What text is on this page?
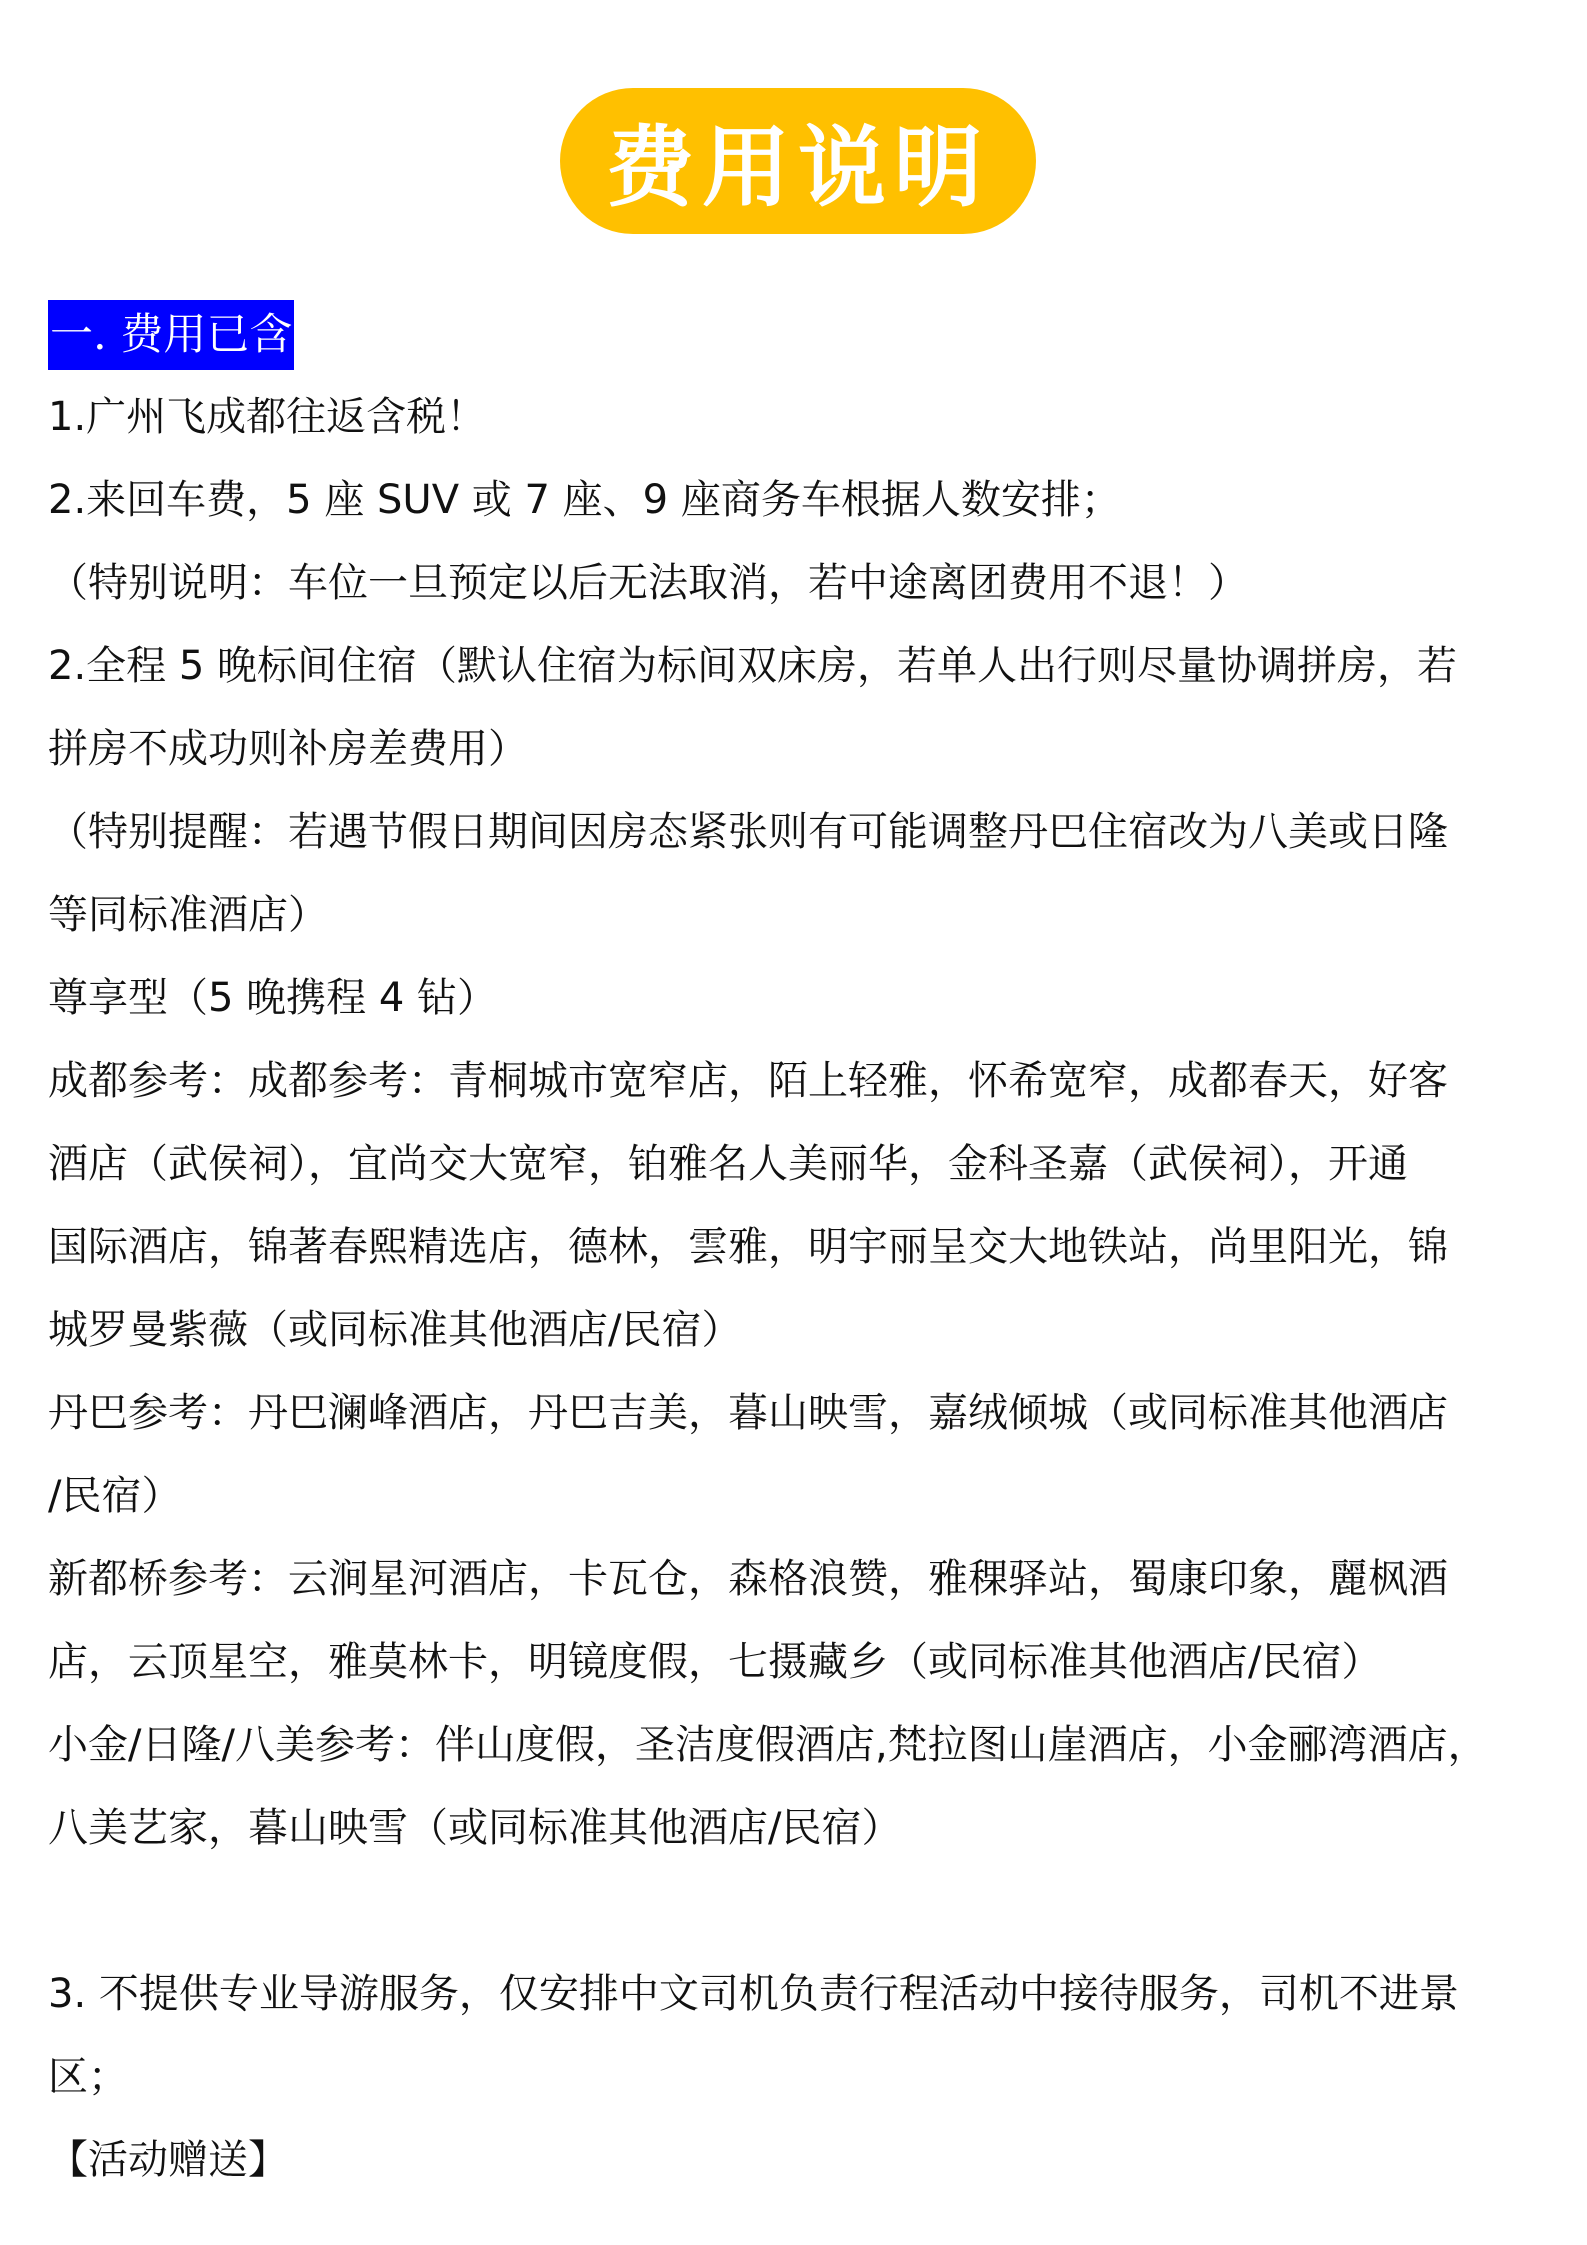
费用说明
一. 费用已含

1.广州飞成都往返含税！

2.来回车费，5 座 SUV 或 7 座、9 座商务车根据人数安排；

（特别说明：车位一旦预定以后无法取消，若中途离团费用不退！）

2.全程 5 晚标间住宿（默认住宿为标间双床房，若单人出行则尽量协调拼房，若

拼房不成功则补房差费用）

（特别提醒：若遇节假日期间因房态紧张则有可能调整丹巴住宿改为八美或日隆

等同标准酒店）

尊享型（5 晚携程 4 钻）

成都参考：成都参考：青桐城市宽窄店，陌上轻雅，怀希宽窄，成都春天，好客

酒店（武侯祠），宜尚交大宽窄，铂雅名人美丽华，金科圣嘉（武侯祠），开通

国际酒店，锦著春熙精选店，德林，雲雅，明宇丽呈交大地铁站，尚里阳光，锦

城罗曼紫薇（或同标准其他酒店/民宿）

丹巴参考：丹巴澜峰酒店，丹巴吉美，暮山映雪，嘉绒倾城（或同标准其他酒店

/民宿）

新都桥参考：云涧星河酒店，卡瓦仓，森格浪赞，雅稞驿站，蜀康印象，麗枫酒

店，云顶星空，雅莫林卡，明镜度假，七摄藏乡（或同标准其他酒店/民宿）

小金/日隆/八美参考：伴山度假，圣洁度假酒店,梵拉图山崖酒店，小金郦湾酒店，

八美艺家，暮山映雪（或同标准其他酒店/民宿）

3. 不提供专业导游服务，仅安排中文司机负责行程活动中接待服务，司机不进景

区；

【活动赠送】
